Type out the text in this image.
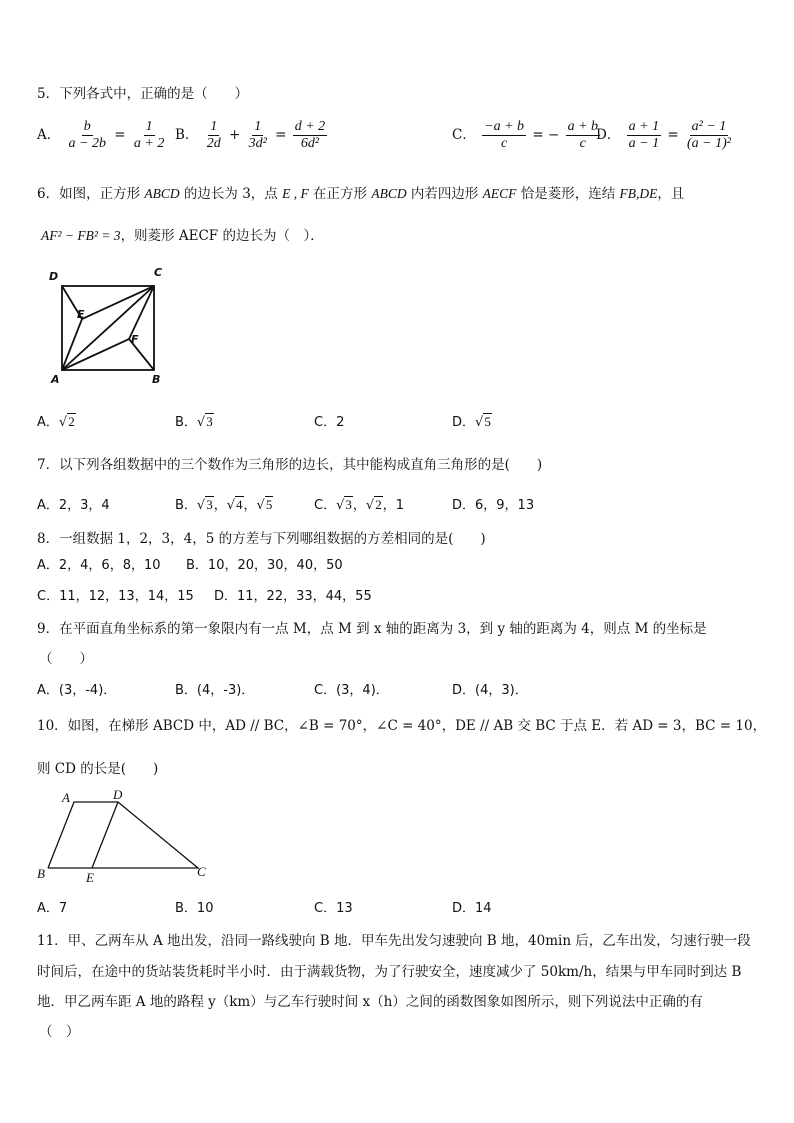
5．下列各式中，正确的是（　　）
A． $\frac{b}{a - 2b} = \frac{1}{a + 2}$ B． $\frac{1}{2d} + \frac{1}{\text{3d²}} = \frac{d + 2}{\text{6d²}}$	C． $\frac{-a + b}{c}$ = − $\frac{a + b}{c}$
D． $\frac{a + 1}{a - 1} = \frac{\text{a² − 1}}{\text{(a − 1)²}}$
6．如图，正方形 ABCD 的边长为 3，点 E , F 在正方形 ABCD 内若四边形 AECF 恰是菱形，连结 FB,DE，且
AF² − FB² = 3，则菱形 AECF 的边长为（　）．
D	C
E
F
A	B
A．√2	B．√3	C．2	D．√5
7．以下列各组数据中的三个数作为三角形的边长，其中能构成直角三角形的是(　　)
A．2，3，4	B．√3，√4，√5	C．√3，√2，1	D．6，9，13
8．一组数据 1，2，3，4，5 的方差与下列哪组数据的方差相同的是(　　)
A．2，4，6，8，10 B．10，20，30，40，50
C．11，12，13，14，15 D．11，22，33，44，55
9．在平面直角坐标系的第一象限内有一点 M，点 M 到 x 轴的距离为 3，到 y 轴的距离为 4，则点 M 的坐标是
（　　）
A．(3，-4)．	B．(4，-3)．	C．(3，4)．	D．(4，3)．
10．如图，在梯形 ABCD 中，AD // BC，∠B = 70°，∠C = 40°，DE // AB 交 BC 于点 E．若 AD = 3，BC = 10，
则 CD 的长是(　　)
A	D
B	E	C
A．7	B．10	C．13	D．14
11．甲、乙两车从 A 地出发，沿同一路线驶向 B 地．甲车先出发匀速驶向 B 地，40min 后，乙车出发，匀速行驶一段
时间后，在途中的货站装货耗时半小时．由于满载货物，为了行驶安全，速度减少了 50km/h，结果与甲车同时到达 B
地．甲乙两车距 A 地的路程 y（km）与乙车行驶时间 x（h）之间的函数图象如图所示，则下列说法中正确的有
（　）
